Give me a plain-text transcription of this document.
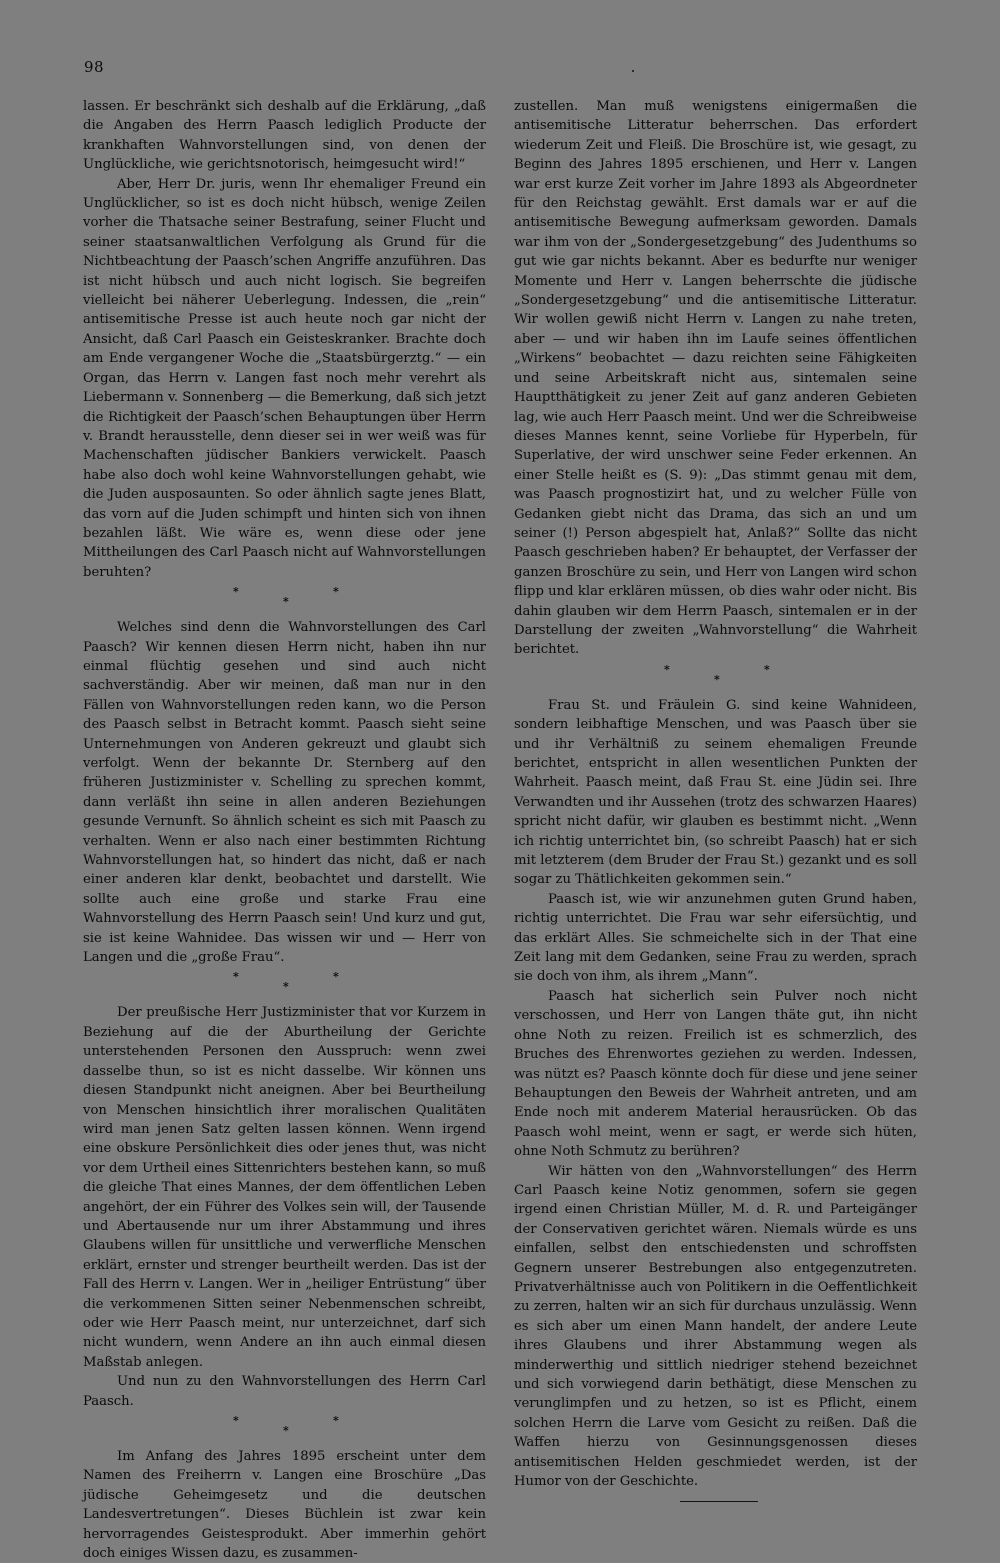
98

lassen. Er beschränkt sich deshalb auf die Erklärung, „daß die Angaben des Herrn Paasch lediglich Producte der krankhaften Wahnvorstellungen sind, von denen der Unglückliche, wie gerichtsnotorisch, heimgesucht wird!“

Aber, Herr Dr. juris, wenn Ihr ehemaliger Freund ein Unglücklicher, so ist es doch nicht hübsch, wenige Zeilen vorher die Thatsache seiner Bestrafung, seiner Flucht und seiner staatsanwaltlichen Verfolgung als Grund für die Nichtbeachtung der Paasch’schen Angriffe anzuführen. Das ist nicht hübsch und auch nicht logisch. Sie begreifen vielleicht bei näherer Ueberlegung. Indessen, die „rein“ antisemitische Presse ist auch heute noch gar nicht der Ansicht, daß Carl Paasch ein Geisteskranker. Brachte doch am Ende vergangener Woche die „Staatsbürgerztg.“ — ein Organ, das Herrn v. Langen fast noch mehr verehrt als Liebermann v. Sonnenberg — die Bemerkung, daß sich jetzt die Richtigkeit der Paasch’schen Behauptungen über Herrn v. Brandt herausstelle, denn dieser sei in wer weiß was für Machenschaften jüdischer Bankiers verwickelt. Paasch habe also doch wohl keine Wahnvorstellungen gehabt, wie die Juden ausposaunten. So oder ähnlich sagte jenes Blatt, das vorn auf die Juden schimpft und hinten sich von ihnen bezahlen läßt. Wie wäre es, wenn diese oder jene Mittheilungen des Carl Paasch nicht auf Wahnvorstellungen beruhten?

*
*
*

Welches sind denn die Wahnvorstellungen des Carl Paasch? Wir kennen diesen Herrn nicht, haben ihn nur einmal flüchtig gesehen und sind auch nicht sachverständig. Aber wir meinen, daß man nur in den Fällen von Wahnvorstellungen reden kann, wo die Person des Paasch selbst in Betracht kommt. Paasch sieht seine Unternehmungen von Anderen gekreuzt und glaubt sich verfolgt. Wenn der bekannte Dr. Sternberg auf den früheren Justizminister v. Schelling zu sprechen kommt, dann verläßt ihn seine in allen anderen Beziehungen gesunde Vernunft. So ähnlich scheint es sich mit Paasch zu verhalten. Wenn er also nach einer bestimmten Richtung Wahnvorstellungen hat, so hindert das nicht, daß er nach einer anderen klar denkt, beobachtet und darstellt. Wie sollte auch eine große und starke Frau eine Wahnvorstellung des Herrn Paasch sein! Und kurz und gut, sie ist keine Wahnidee. Das wissen wir und — Herr von Langen und die „große Frau“.

*
*
*

Der preußische Herr Justizminister that vor Kurzem in Beziehung auf die der Aburtheilung der Gerichte unterstehenden Personen den Ausspruch: wenn zwei dasselbe thun, so ist es nicht dasselbe. Wir können uns diesen Standpunkt nicht aneignen. Aber bei Beurtheilung von Menschen hinsichtlich ihrer moralischen Qualitäten wird man jenen Satz gelten lassen können. Wenn irgend eine obskure Persönlichkeit dies oder jenes thut, was nicht vor dem Urtheil eines Sittenrichters bestehen kann, so muß die gleiche That eines Mannes, der dem öffentlichen Leben angehört, der ein Führer des Volkes sein will, der Tausende und Abertausende nur um ihrer Abstammung und ihres Glaubens willen für unsittliche und verwerfliche Menschen erklärt, ernster und strenger beurtheilt werden. Das ist der Fall des Herrn v. Langen. Wer in „heiliger Entrüstung“ über die verkommenen Sitten seiner Nebenmenschen schreibt, oder wie Herr Paasch meint, nur unterzeichnet, darf sich nicht wundern, wenn Andere an ihn auch einmal diesen Maßstab anlegen.

Und nun zu den Wahnvorstellungen des Herrn Carl Paasch.

*
*
*

Im Anfang des Jahres 1895 erscheint unter dem Namen des Freiherrn v. Langen eine Broschüre „Das jüdische Geheimgesetz und die deutschen Landesvertretungen“. Dieses Büchlein ist zwar kein hervorragendes Geistesprodukt. Aber immerhin gehört doch einiges Wissen dazu, es zusammen-

zustellen. Man muß wenigstens einigermaßen die antisemitische Litteratur beherrschen. Das erfordert wiederum Zeit und Fleiß. Die Broschüre ist, wie gesagt, zu Beginn des Jahres 1895 erschienen, und Herr v. Langen war erst kurze Zeit vorher im Jahre 1893 als Abgeordneter für den Reichstag gewählt. Erst damals war er auf die antisemitische Bewegung aufmerksam geworden. Damals war ihm von der „Sondergesetzgebung“ des Judenthums so gut wie gar nichts bekannt. Aber es bedurfte nur weniger Momente und Herr v. Langen beherrschte die jüdische „Sondergesetzgebung“ und die antisemitische Litteratur. Wir wollen gewiß nicht Herrn v. Langen zu nahe treten, aber — und wir haben ihn im Laufe seines öffentlichen „Wirkens“ beobachtet — dazu reichten seine Fähigkeiten und seine Arbeitskraft nicht aus, sintemalen seine Hauptthätigkeit zu jener Zeit auf ganz anderen Gebieten lag, wie auch Herr Paasch meint. Und wer die Schreibweise dieses Mannes kennt, seine Vorliebe für Hyperbeln, für Superlative, der wird unschwer seine Feder erkennen. An einer Stelle heißt es (S. 9): „Das stimmt genau mit dem, was Paasch prognostizirt hat, und zu welcher Fülle von Gedanken giebt nicht das Drama, das sich an und um seiner (!) Person abgespielt hat, Anlaß?“ Sollte das nicht Paasch geschrieben haben? Er behauptet, der Verfasser der ganzen Broschüre zu sein, und Herr von Langen wird schon flipp und klar erklären müssen, ob dies wahr oder nicht. Bis dahin glauben wir dem Herrn Paasch, sintemalen er in der Darstellung der zweiten „Wahnvorstellung“ die Wahrheit berichtet.

*
*
*

Frau St. und Fräulein G. sind keine Wahnideen, sondern leibhaftige Menschen, und was Paasch über sie und ihr Verhältniß zu seinem ehemaligen Freunde berichtet, entspricht in allen wesentlichen Punkten der Wahrheit. Paasch meint, daß Frau St. eine Jüdin sei. Ihre Verwandten und ihr Aussehen (trotz des schwarzen Haares) spricht nicht dafür, wir glauben es bestimmt nicht. „Wenn ich richtig unterrichtet bin, (so schreibt Paasch) hat er sich mit letzterem (dem Bruder der Frau St.) gezankt und es soll sogar zu Thätlichkeiten gekommen sein.“

Paasch ist, wie wir anzunehmen guten Grund haben, richtig unterrichtet. Die Frau war sehr eifersüchtig, und das erklärt Alles. Sie schmeichelte sich in der That eine Zeit lang mit dem Gedanken, seine Frau zu werden, sprach sie doch von ihm, als ihrem „Mann“.

Paasch hat sicherlich sein Pulver noch nicht verschossen, und Herr von Langen thäte gut, ihn nicht ohne Noth zu reizen. Freilich ist es schmerzlich, des Bruches des Ehrenwortes geziehen zu werden. Indessen, was nützt es? Paasch könnte doch für diese und jene seiner Behauptungen den Beweis der Wahrheit antreten, und am Ende noch mit anderem Material herausrücken. Ob das Paasch wohl meint, wenn er sagt, er werde sich hüten, ohne Noth Schmutz zu berühren?

Wir hätten von den „Wahnvorstellungen“ des Herrn Carl Paasch keine Notiz genommen, sofern sie gegen irgend einen Christian Müller, M. d. R. und Parteigänger der Conservativen gerichtet wären. Niemals würde es uns einfallen, selbst den entschiedensten und schroffsten Gegnern unserer Bestrebungen also entgegenzutreten. Privatverhältnisse auch von Politikern in die Oeffentlichkeit zu zerren, halten wir an sich für durchaus unzulässig. Wenn es sich aber um einen Mann handelt, der andere Leute ihres Glaubens und ihrer Abstammung wegen als minderwerthig und sittlich niedriger stehend bezeichnet und sich vorwiegend darin bethätigt, diese Menschen zu verunglimpfen und zu hetzen, so ist es Pflicht, einem solchen Herrn die Larve vom Gesicht zu reißen. Daß die Waffen hierzu von Gesinnungsgenossen dieses antisemitischen Helden geschmiedet werden, ist der Humor von der Geschichte.
